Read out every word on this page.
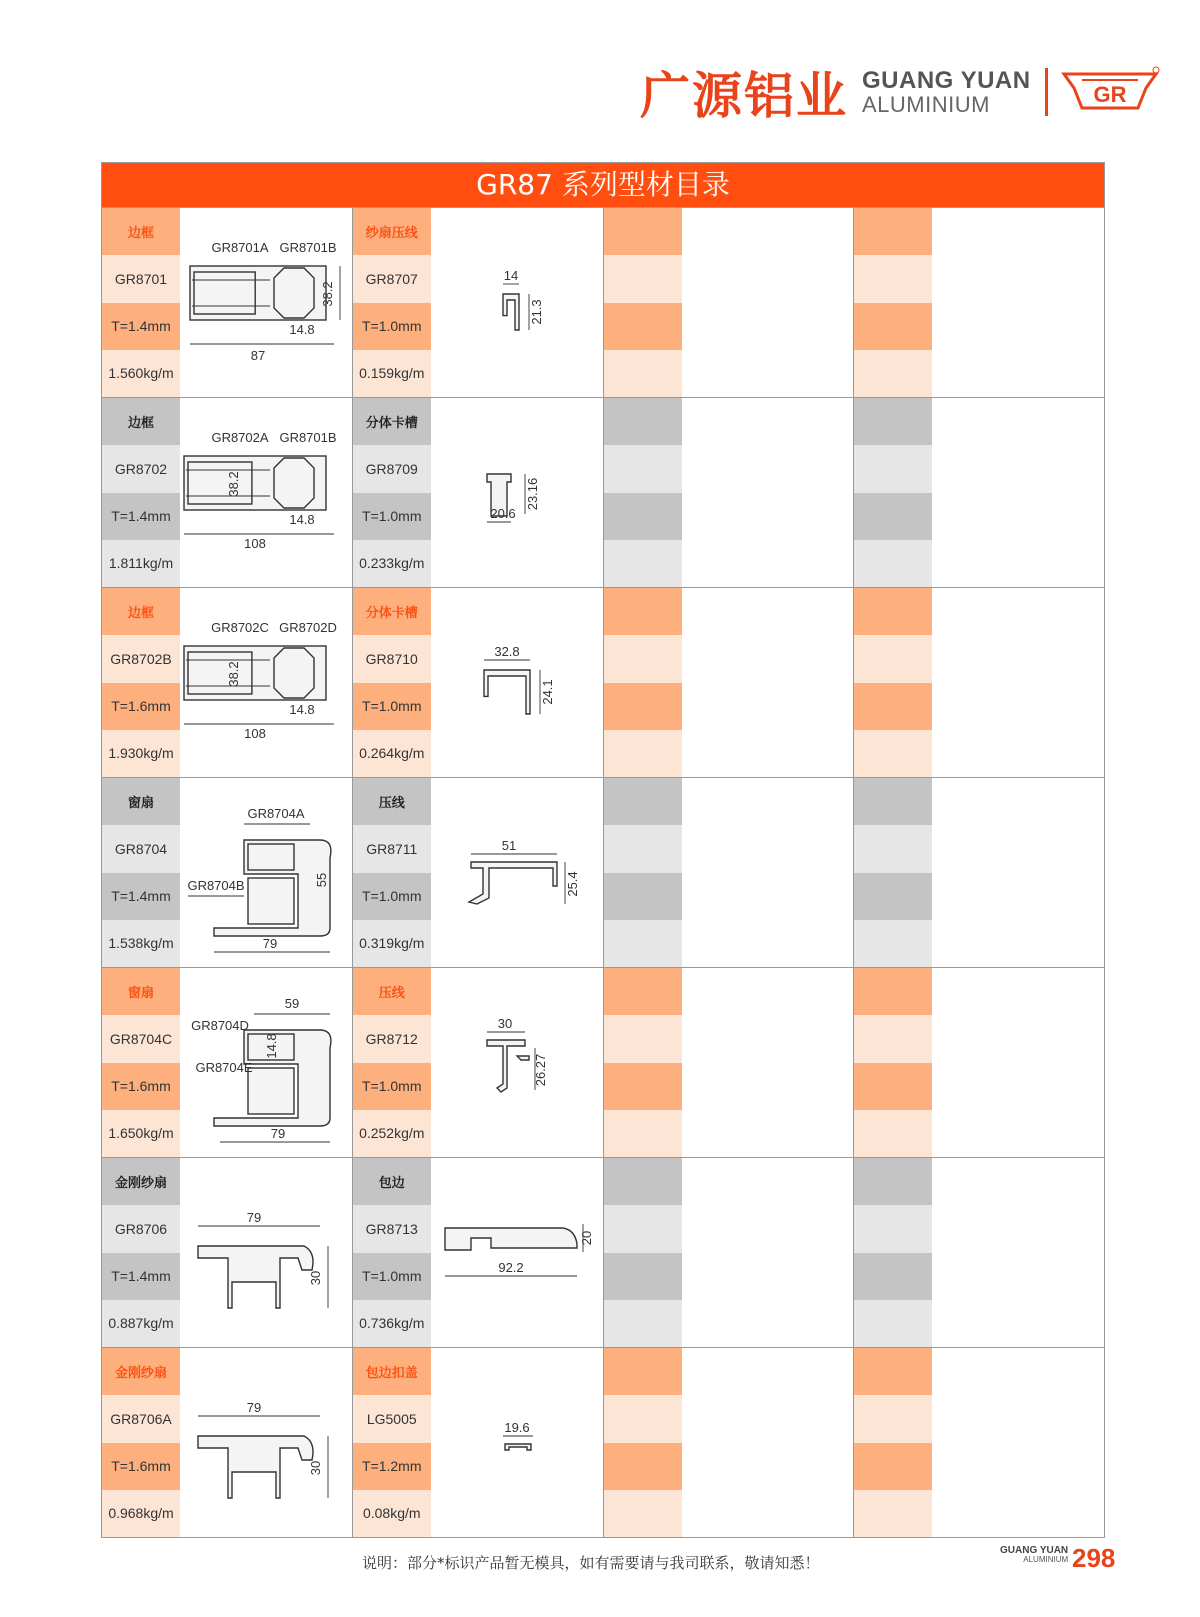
广源铝业 GUANG YUAN
ALUMINIUM	GR
GR87 系列型材目录
边框
GR8701
T=1.4mm
1.560kg/m
GR8701A GR8701B
87
14.8
38.2
纱扇压线
GR8707
T=1.0mm
0.159kg/m
14
21.3
边框
GR8702
T=1.4mm
1.811kg/m
GR8702A GR8701B
108
14.8
38.2
分体卡槽
GR8709
T=1.0mm
0.233kg/m
23.16
20.6
边框
GR8702B
T=1.6mm
1.930kg/m
GR8702C GR8702D
108
14.8
38.2
分体卡槽
GR8710
T=1.0mm
0.264kg/m
32.8
24.1
窗扇
GR8704
T=1.4mm
1.538kg/m
GR8704A
GR8704B	55
79
压线
GR8711
T=1.0mm
0.319kg/m
51
25.4
窗扇
GR8704C
T=1.6mm
1.650kg/m
59
GR8704D
14.8
GR8704E
79
压线
GR8712
T=1.0mm
0.252kg/m
30
26.27
金刚纱扇
GR8706
T=1.4mm
0.887kg/m
79
30
包边
GR8713
T=1.0mm
0.736kg/m
20
92.2
金刚纱扇
GR8706A
T=1.6mm
0.968kg/m
79
30
包边扣盖
LG5005
T=1.2mm
0.08kg/m
19.6
说明：部分*标识产品暂无模具，如有需要请与我司联系，敬请知悉！
GUANG YUAN
ALUMINIUM 298
